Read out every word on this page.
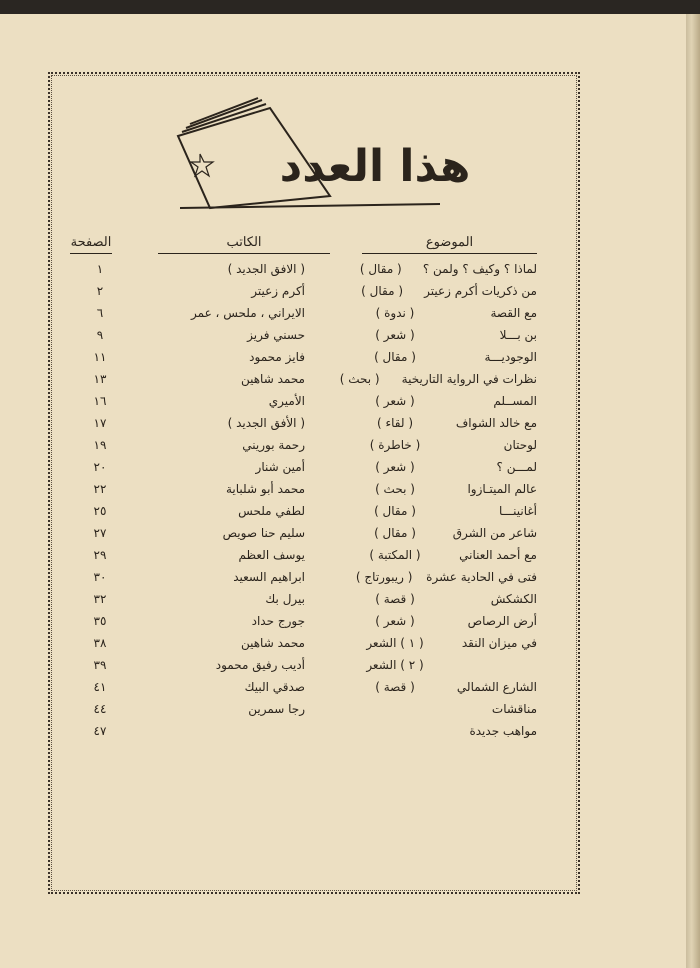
هذا العدد
الموضوع
الكاتب
الصفحة
لماذا ؟ وكيف ؟ ولمن ؟
( مقال )
( الافق الجديد )
١
من ذكريات أكرم زعيتر
( مقال )
أكرم زعيتر
٢
مع القصة
( ندوة )
الايراني ، ملحس ، عمر
٦
بن بـــلا
( شعر )
حسني فريز
٩
الوجوديـــة
( مقال )
فايز محمود
١١
نظرات في الرواية التاريخية
( بحث )
محمد شاهين
١٣
المســلم
( شعر )
الأميري
١٦
مع خالد الشواف
( لقاء )
( الأفق الجديد )
١٧
لوحتان
( خاطرة )
رحمة بوريني
١٩
لمـــن ؟
( شعر )
أمين شنار
٢٠
عالم الميتـازوا
( بحث )
محمد أبو شلباية
٢٢
أغانينـــا
( مقال )
لطفي ملحس
٢٥
شاعر من الشرق
( مقال )
سليم حنا صويص
٢٧
مع أحمد العناني
( المكتبة )
يوسف العظم
٢٩
فتى في الحادية عشرة
( ريبورتاج )
ابراهيم السعيد
٣٠
الكشكش
( قصة )
بيرل بك
٣٢
أرض الرصاص
( شعر )
جورج حداد
٣٥
في ميزان النقد
( ١ ) الشعر
محمد شاهين
٣٨
( ٢ ) الشعر
أديب رفيق محمود
٣٩
الشارع الشمالي
( قصة )
صدقي البيك
٤١
مناقشات
رجا سمرين
٤٤
مواهب جديدة
٤٧
